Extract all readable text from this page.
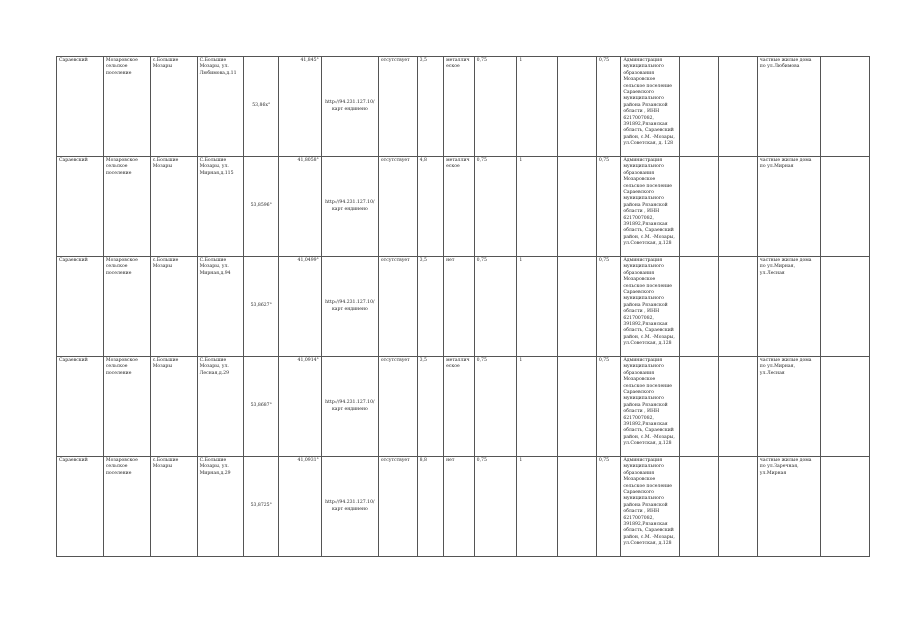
Сараевский	Мозаровское сельское поселение	с.Большие Мозары	С.Большие Мозары, ул. Любимова,д.11	53,86х°	41,845°	http://94.231.127.10/карт ендинено	отсутствует	3,5	металлическое	0,75	1		0,75	Администрация муниципального образования Мозаровское сельское поселение Сараевского муниципального района Рязанской области , ИНН 6217007082, 391892,Рязанская область, Сараевский район, с.М. -Мозары, ул.Советская, д. 128			частные жилые дома по ул.Любимова	
Сараевский	Мозаровское сельское поселение	с.Большие Мозары	С.Большие Мозары, ул. Мирная,д.115	53,8596°	41,8058°	http://94.231.127.10/карт ендинено	отсутствует	4,8	металлическое	0,75	1		0,75	Администрация муниципального образования Мозаровское сельское поселение Сараевского муниципального района Рязанской области , ИНН 6217007082, 391892,Рязанская область, Сараевский район, с.М. -Мозары, ул.Советская, д.128			частные жилые дома по ул.Мирная	
Сараевский	Мозаровское сельское поселение	с.Большие Мозары	С.Большие Мозары, ул. Мирная,д.94	53,8627°	41,0499°	http://94.231.127.10/карт ендинено	отсутствует	3,5	нет	0,75	1		0,75	Администрация муниципального образования Мозаровское сельское поселение Сараевского муниципального района Рязанской области , ИНН 6217007082, 391892,Рязанская область, Сараевский район, с.М. -Мозары, ул.Советская, д.128			частные жилые дома по ул.Мирная, ул.Лесная	
Сараевский	Мозаровское сельское поселение	с.Большие Мозары	С.Большие Мозары, ул. Лесная,д.29	53,8687°	41,0914°	http://94.231.127.10/карт ендинено	отсутствует	3,5	металлическое	0,75	1		0,75	Администрация муниципального образования Мозаровское сельское поселение Сараевского муниципального района Рязанской области , ИНН 6217007082, 391892,Рязанская область, Сараевский район, с.М. -Мозары, ул.Советская, д.128			частные жилые дома по ул.Мирная, ул.Лесная	
Сараевский	Мозаровское сельское поселение	с.Большие Мозары	С.Большие Мозары, ул. Мирная,д.29	53,8725°	41,0931°	http://94.231.127.10/карт ендинено	отсутствует	8,8	нет	0,75	1		0,75	Администрация муниципального образования Мозаровское сельское поселение Сараевского муниципального района Рязанской области , ИНН 6217007082, 391892,Рязанская область, Сараевский район, с.М. -Мозары, ул.Советская, д.128			частные жилые дома по ул.Заречная, ул.Мирная	
